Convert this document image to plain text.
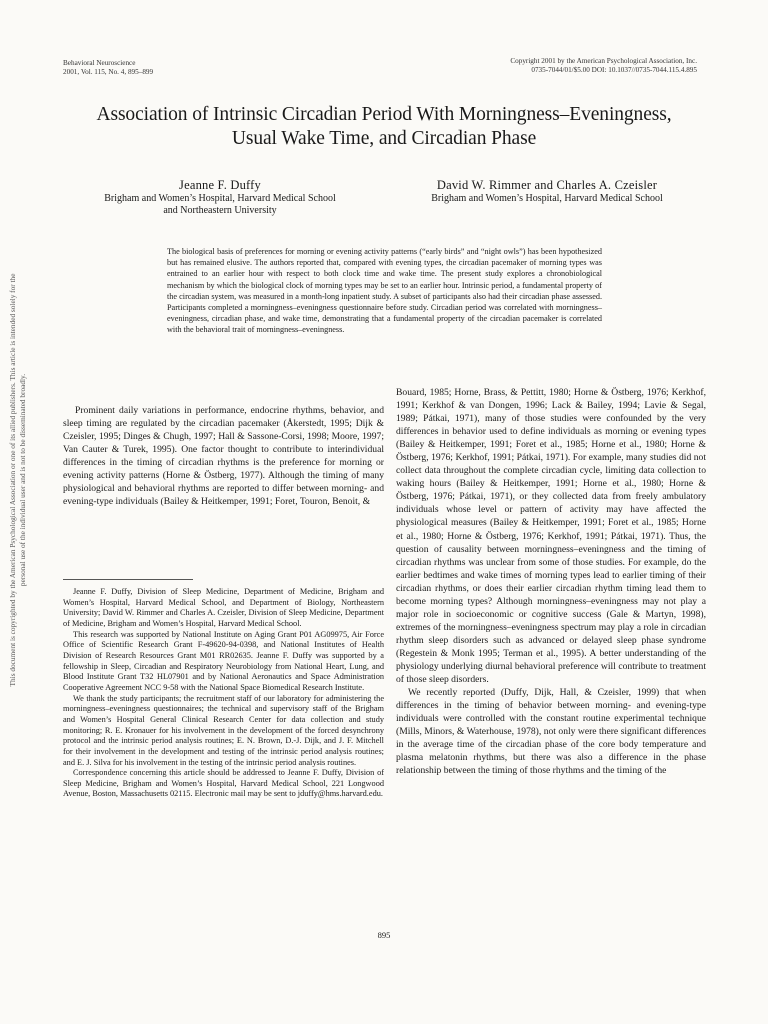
Behavioral Neuroscience
2001, Vol. 115, No. 4, 895–899
Copyright 2001 by the American Psychological Association, Inc.
0735-7044/01/$5.00 DOI: 10.1037//0735-7044.115.4.895
Association of Intrinsic Circadian Period With Morningness–Eveningness,
Usual Wake Time, and Circadian Phase
Jeanne F. Duffy
Brigham and Women’s Hospital, Harvard Medical School
and Northeastern University
David W. Rimmer and Charles A. Czeisler
Brigham and Women’s Hospital, Harvard Medical School
The biological basis of preferences for morning or evening activity patterns (“early birds” and “night owls”) has been hypothesized but has remained elusive. The authors reported that, compared with evening types, the circadian pacemaker of morning types was entrained to an earlier hour with respect to both clock time and wake time. The present study explores a chronobiological mechanism by which the biological clock of morning types may be set to an earlier hour. Intrinsic period, a fundamental property of the circadian system, was measured in a month-long inpatient study. A subset of participants also had their circadian phase assessed. Participants completed a morningness–eveningness questionnaire before study. Circadian period was correlated with morningness–eveningness, circadian phase, and wake time, demonstrating that a fundamental property of the circadian pacemaker is correlated with the behavioral trait of morningness–eveningness.

Prominent daily variations in performance, endocrine rhythms, behavior, and sleep timing are regulated by the circadian pacemaker (Åkerstedt, 1995; Dijk & Czeisler, 1995; Dinges & Chugh, 1997; Hall & Sassone-Corsi, 1998; Moore, 1997; Van Cauter & Turek, 1995). One factor thought to contribute to interindividual differences in the timing of circadian rhythms is the preference for morning or evening activity patterns (Horne & Östberg, 1977). Although the timing of many physiological and behavioral rhythms are reported to differ between morning- and evening-type individuals (Bailey & Heitkemper, 1991; Foret, Touron, Benoit, &

Jeanne F. Duffy, Division of Sleep Medicine, Department of Medicine, Brigham and Women’s Hospital, Harvard Medical School, and Department of Biology, Northeastern University; David W. Rimmer and Charles A. Czeisler, Division of Sleep Medicine, Department of Medicine, Brigham and Women’s Hospital, Harvard Medical School.

This research was supported by National Institute on Aging Grant P01 AG09975, Air Force Office of Scientific Research Grant F-49620-94-0398, and National Institutes of Health Division of Research Resources Grant M01 RR02635. Jeanne F. Duffy was supported by a fellowship in Sleep, Circadian and Respiratory Neurobiology from National Heart, Lung, and Blood Institute Grant T32 HL07901 and by National Aeronautics and Space Administration Cooperative Agreement NCC 9-58 with the National Space Biomedical Research Institute.

We thank the study participants; the recruitment staff of our laboratory for administering the morningness–eveningness questionnaires; the technical and supervisory staff of the Brigham and Women’s Hospital General Clinical Research Center for data collection and study monitoring; R. E. Kronauer for his involvement in the development of the forced desynchrony protocol and the intrinsic period analysis routines; E. N. Brown, D.-J. Dijk, and J. F. Mitchell for their involvement in the development and testing of the intrinsic period analysis routines; and E. J. Silva for his involvement in the testing of the intrinsic period analysis routines.

Correspondence concerning this article should be addressed to Jeanne F. Duffy, Division of Sleep Medicine, Brigham and Women’s Hospital, Harvard Medical School, 221 Longwood Avenue, Boston, Massachusetts 02115. Electronic mail may be sent to jduffy@hms.harvard.edu.

Bouard, 1985; Horne, Brass, & Pettitt, 1980; Horne & Östberg, 1976; Kerkhof, 1991; Kerkhof & van Dongen, 1996; Lack & Bailey, 1994; Lavie & Segal, 1989; Pátkai, 1971), many of those studies were confounded by the very differences in behavior used to define individuals as morning or evening types (Bailey & Heitkemper, 1991; Foret et al., 1985; Horne et al., 1980; Horne & Östberg, 1976; Kerkhof, 1991; Pátkai, 1971). For example, many studies did not collect data throughout the complete circadian cycle, limiting data collection to waking hours (Bailey & Heitkemper, 1991; Horne et al., 1980; Horne & Östberg, 1976; Pátkai, 1971), or they collected data from freely ambulatory individuals whose level or pattern of activity may have affected the physiological measures (Bailey & Heitkemper, 1991; Foret et al., 1985; Horne et al., 1980; Horne & Östberg, 1976; Kerkhof, 1991; Pátkai, 1971). Thus, the question of causality between morningness–eveningness and the timing of circadian rhythms was unclear from some of those studies. For example, do the earlier bedtimes and wake times of morning types lead to earlier timing of their circadian rhythms, or does their earlier circadian rhythm timing lead them to become morning types? Although morningness–eveningness may not play a major role in socioeconomic or cognitive success (Gale & Martyn, 1998), extremes of the morningness–eveningness spectrum may play a role in circadian rhythm sleep disorders such as advanced or delayed sleep phase syndrome (Regestein & Monk 1995; Terman et al., 1995). A better understanding of the physiology underlying diurnal behavioral preference will contribute to treatment of those sleep disorders.

We recently reported (Duffy, Dijk, Hall, & Czeisler, 1999) that when differences in the timing of behavior between morning- and evening-type individuals were controlled with the constant routine experimental technique (Mills, Minors, & Waterhouse, 1978), not only were there significant differences in the average time of the circadian phase of the core body temperature and plasma melatonin rhythms, but there was also a difference in the phase relationship between the timing of those rhythms and the timing of the

This document is copyrighted by the American Psychological Association or one of its allied publishers. This article is intended solely for the personal use of the individual user and is not to be disseminated broadly.
895
